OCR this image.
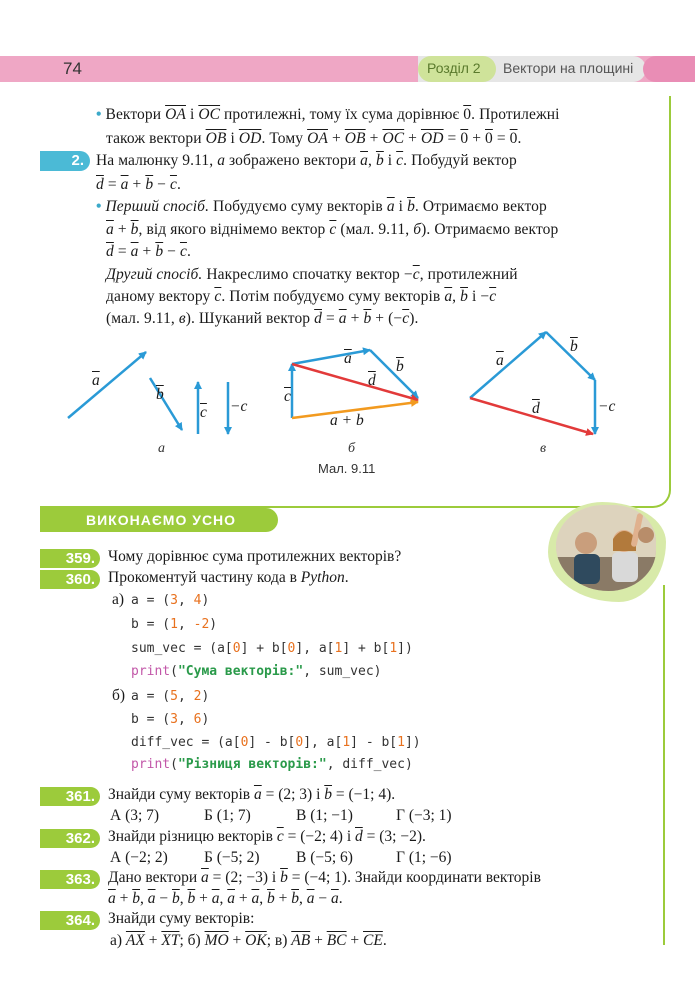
74	Розділ 2 Вектори на площині
• Вектори $\overline{OA}$ і $\overline{OC}$ протилежні, тому їх сума дорівнює 0. Протилежні
також вектори $\overline{OB}$ і $\overline{OD}$. Тому $\overline{OA} + \overline{OB} + \overline{OC} + \overline{OD} = 0 + 0 = 0$.
2. На малюнку 9.11, а зображено вектори $\overline{a}$, $\overline{b}$ і $\overline{c}$. Побудуй вектор
$\overline{d} = \overline{a} + \overline{b} - \overline{c}$.
• Перший спосіб. Побудуємо суму векторів $\overline{a}$ і $\overline{b}$. Отримаємо вектор
$\overline{a} + \overline{b}$, від якого віднімемо вектор $\overline{c}$ (мал. 9.11, б). Отримаємо вектор
$\overline{d} = \overline{a} + \overline{b} - \overline{c}$.
Другий спосіб. Накреслимо спочатку вектор $-\overline{c}$, протилежний
даному вектору $\overline{c}$. Потім побудуємо суму векторів $\overline{a}$, $\overline{b}$ $і -\overline{c}$
(мал. 9.11, в). Шуканий вектор $\overline{d} = \overline{a} + \overline{b} + (-\overline{c})$.
$\overline{a}$
$\overline{b}$
$\overline{c} -c$
$\overline{c}$
$\overline{a}$	$\overline{b}$
$\overline{d}$
a + b
$\overline{a}$
$\overline{b}$
−c
$\overline{d}$
а	б	в
Мал. 9.11
ВИКОНАЄМО УСНО
359. Чому дорівнює сума протилежних векторів?
360. Прокоментуй частину кода в Python.
а) a = (3, 4)
b = (1, -2)
sum_vec = (a[0] + b[0], a[1] + b[1])
print("Сума векторів:", sum_vec)
б) a = (5, 2)
b = (3, 6)
diff_vec = (a[0] - b[0], a[1] - b[1])
print("Різниця векторів:", diff_vec)
361. Знайди суму векторів $\overline{a} = (2$; 3) і $\overline{b} = (-1$; 4).
А (3; 7)	Б (1; 7)	В (1; −1)	Г (−3; 1)
362. Знайди різницю векторів $\overline{c} = (-2$; 4) і $\overline{d} = (3$; −2).
А (−2; 2) Б (−5; 2) В (−5; 6)	Г (1; −6)
363. Дано вектори $\overline{a} = (2$; −3) і $\overline{b} = (-4$; 1). Знайди координати векторів
$\overline{a} + \overline{b}$, $\overline{a} - \overline{b}$, $\overline{b} + \overline{a}$, $\overline{a} + \overline{a}$, $\overline{b} + \overline{b}$, $\overline{a} - \overline{a}$.
364. Знайди суму векторів:
а) $\overline{AX} + \overline{XT}$; б) $\overline{MO} + \overline{OK}$; в) $\overline{AB} + \overline{BC} + \overline{CE}$.
